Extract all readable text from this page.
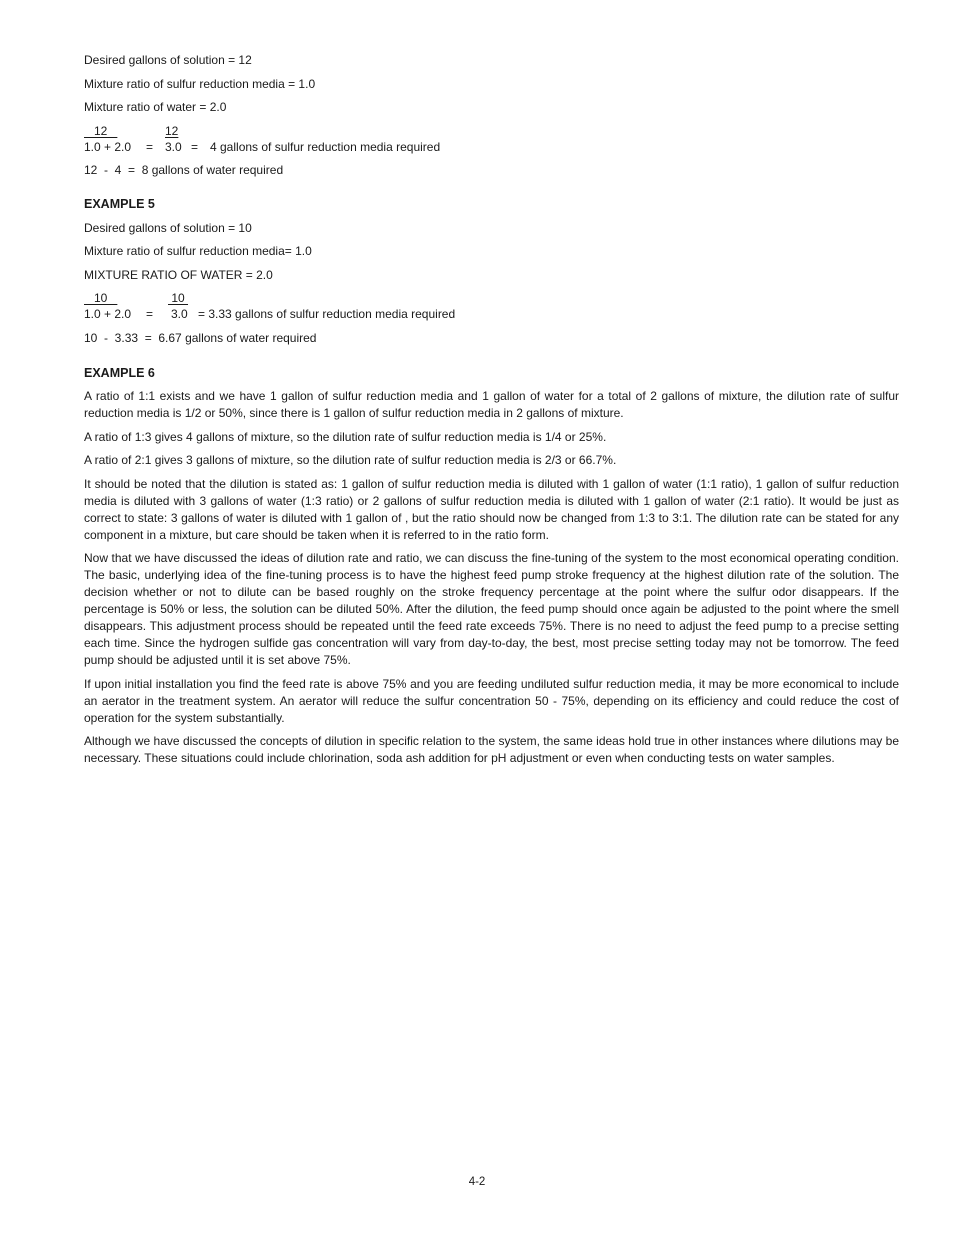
Desired gallons of solution = 12
Mixture ratio of sulfur reduction media = 1.0
Mixture ratio of water = 2.0
12	12
1.0 + 2.0 = 3.0 = 4 gallons of sulfur reduction media required
12  -  4  =  8 gallons of water required
EXAMPLE 5
Desired gallons of solution = 10
Mixture ratio of sulfur reduction media= 1.0
MIXTURE RATIO OF WATER = 2.0
10	10
1.0 + 2.0 = 3.0 = 3.33 gallons of sulfur reduction media required
10  -  3.33  =  6.67 gallons of water required
EXAMPLE 6

A ratio of 1:1 exists and we have 1 gallon of sulfur reduction media and 1 gallon of water for a total of 2 gallons of mixture, the dilution rate of sulfur reduction media is 1/2 or 50%, since there is 1 gallon of sulfur reduction media in 2 gallons of mixture.

A ratio of 1:3 gives 4 gallons of mixture, so the dilution rate of sulfur reduction media is 1/4 or 25%.

A ratio of 2:1 gives 3 gallons of mixture, so the dilution rate of sulfur reduction media is 2/3 or 66.7%.

It should be noted that the dilution is stated as: 1 gallon of sulfur reduction media is diluted with 1 gallon of water (1:1 ratio), 1 gallon of sulfur reduction media is diluted with 3 gallons of water (1:3 ratio) or 2 gallons of sulfur reduction media is diluted with 1 gallon of water (2:1 ratio). It would be just as correct to state: 3 gallons of water is diluted with 1 gallon of , but the ratio should now be changed from 1:3 to 3:1. The dilution rate can be stated for any component in a mixture, but care should be taken when it is referred to in the ratio form.

Now that we have discussed the ideas of dilution rate and ratio, we can discuss the fine-tuning of the system to the most economical operating condition. The basic, underlying idea of the fine-tuning process is to have the highest feed pump stroke frequency at the highest dilution rate of the solution. The decision whether or not to dilute can be based roughly on the stroke frequency percentage at the point where the sulfur odor disappears. If the percentage is 50% or less, the solution can be diluted 50%. After the dilution, the feed pump should once again be adjusted to the point where the smell disappears. This adjustment process should be repeated until the feed rate exceeds 75%. There is no need to adjust the feed pump to a precise setting each time. Since the hydrogen sulfide gas concentration will vary from day-to-day, the best, most precise setting today may not be tomorrow. The feed pump should be adjusted until it is set above 75%.

If upon initial installation you find the feed rate is above 75% and you are feeding undiluted sulfur reduction media, it may be more economical to include an aerator in the treatment system. An aerator will reduce the sulfur concentration 50 - 75%, depending on its efficiency and could reduce the cost of operation for the system substantially.

Although we have discussed the concepts of dilution in specific relation to the system, the same ideas hold true in other instances where dilutions may be necessary. These situations could include chlorination, soda ash addition for pH adjustment or even when conducting tests on water samples.

4-2
